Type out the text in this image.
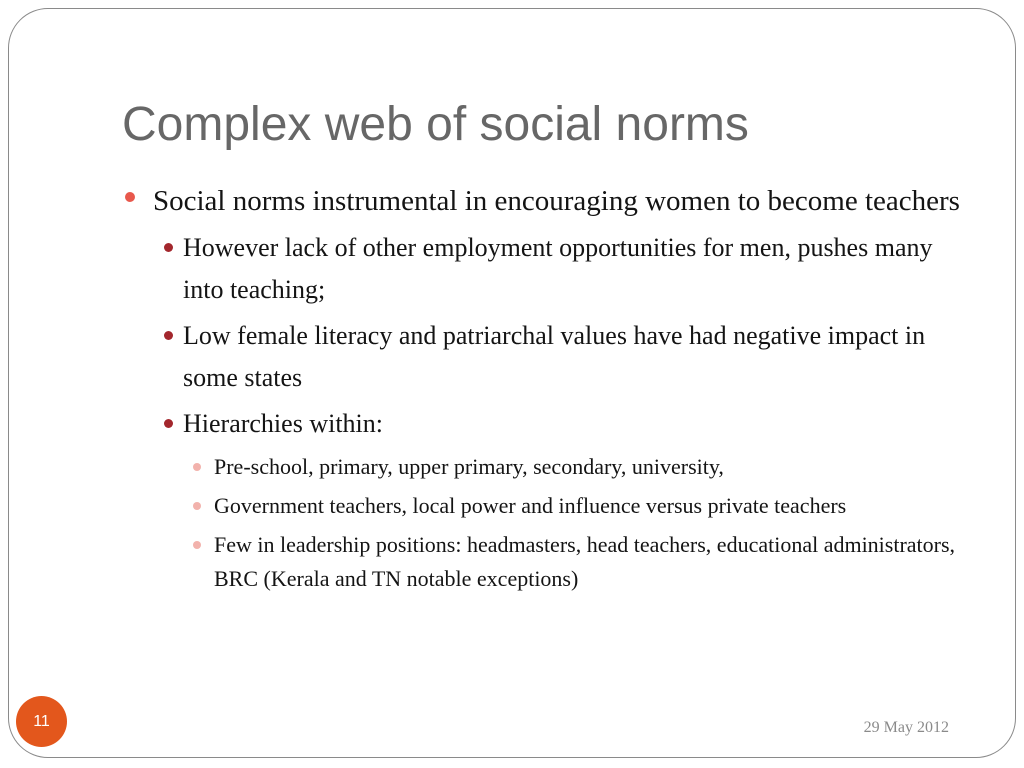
Complex web of social norms
Social norms instrumental in encouraging women to become teachers
However lack of other employment opportunities for men, pushes many into teaching;
Low female literacy and patriarchal values have had negative impact in some states
Hierarchies within:
Pre-school, primary, upper primary, secondary, university,
Government teachers, local power and influence versus private teachers
Few in leadership positions: headmasters, head teachers, educational administrators, BRC (Kerala and TN notable exceptions)
29 May 2012
11
